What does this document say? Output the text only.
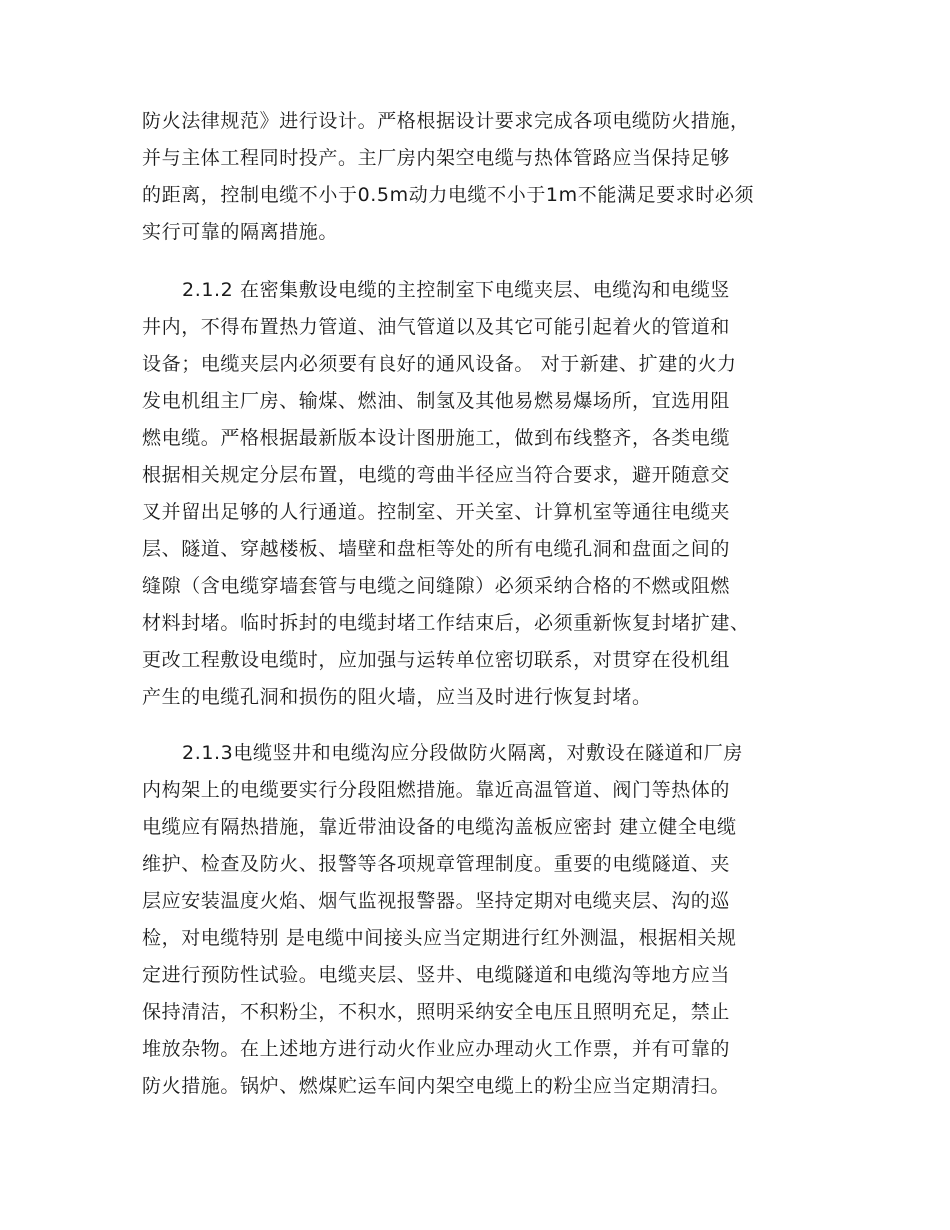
防火法律规范》进行设计。严格根据设计要求完成各项电缆防火措施，
并与主体工程同时投产。主厂房内架空电缆与热体管路应当保持足够
的距离，控制电缆不小于0.5m动力电缆不小于1m不能满足要求时必须
实行可靠的隔离措施。
2.1.2 在密集敷设电缆的主控制室下电缆夹层、电缆沟和电缆竖
井内，不得布置热力管道、油气管道以及其它可能引起着火的管道和
设备；电缆夹层内必须要有良好的通风设备。 对于新建、扩建的火力
发电机组主厂房、输煤、燃油、制氢及其他易燃易爆场所，宜选用阻
燃电缆。严格根据最新版本设计图册施工，做到布线整齐，各类电缆
根据相关规定分层布置，电缆的弯曲半径应当符合要求，避开随意交
叉并留出足够的人行通道。控制室、开关室、计算机室等通往电缆夹
层、隧道、穿越楼板、墙壁和盘柜等处的所有电缆孔洞和盘面之间的
缝隙（含电缆穿墙套管与电缆之间缝隙）必须采纳合格的不燃或阻燃
材料封堵。临时拆封的电缆封堵工作结束后，必须重新恢复封堵扩建、
更改工程敷设电缆时，应加强与运转单位密切联系，对贯穿在役机组
产生的电缆孔洞和损伤的阻火墙，应当及时进行恢复封堵。
2.1.3电缆竖井和电缆沟应分段做防火隔离，对敷设在隧道和厂房
内构架上的电缆要实行分段阻燃措施。靠近高温管道、阀门等热体的
电缆应有隔热措施，靠近带油设备的电缆沟盖板应密封 建立健全电缆
维护、检查及防火、报警等各项规章管理制度。重要的电缆隧道、夹
层应安装温度火焰、烟气监视报警器。坚持定期对电缆夹层、沟的巡
检，对电缆特别 是电缆中间接头应当定期进行红外测温，根据相关规
定进行预防性试验。电缆夹层、竖井、电缆隧道和电缆沟等地方应当
保持清洁，不积粉尘，不积水，照明采纳安全电压且照明充足，禁止
堆放杂物。在上述地方进行动火作业应办理动火工作票，并有可靠的
防火措施。锅炉、燃煤贮运车间内架空电缆上的粉尘应当定期清扫。
